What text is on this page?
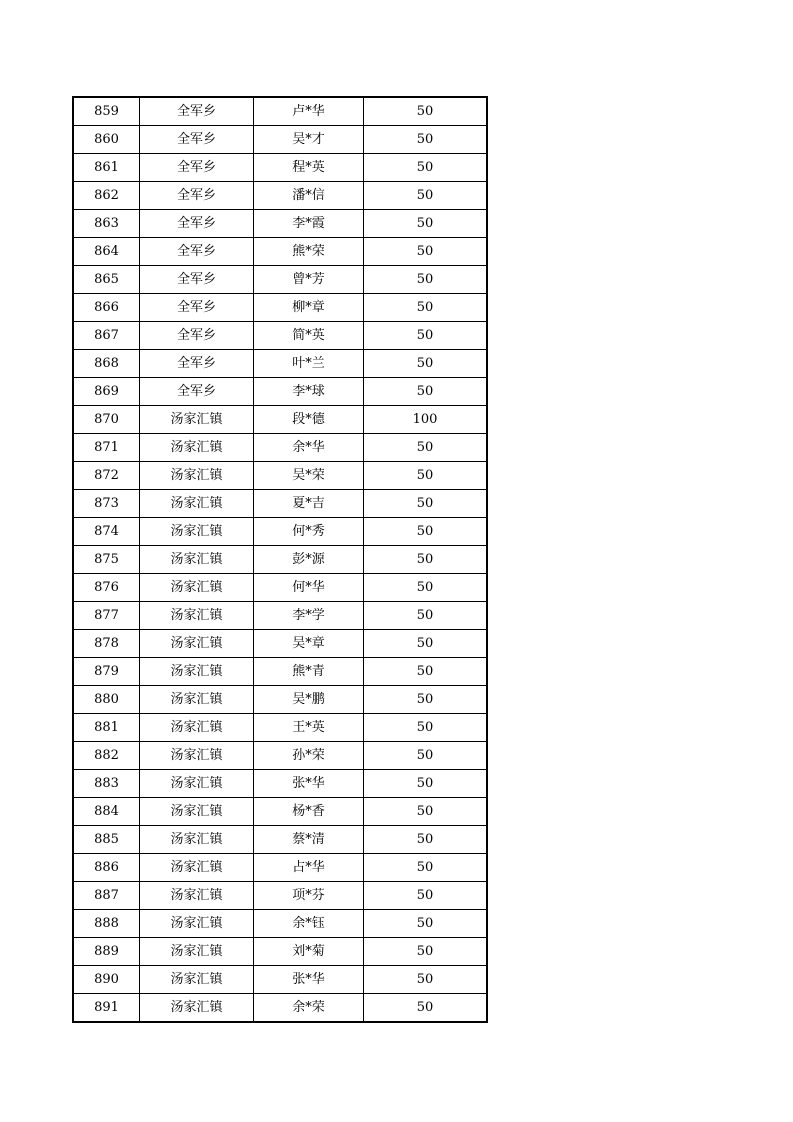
859	全军乡	卢*华	50
860	全军乡	吴*才	50
861	全军乡	程*英	50
862	全军乡	潘*信	50
863	全军乡	李*霞	50
864	全军乡	熊*荣	50
865	全军乡	曾*芳	50
866	全军乡	柳*章	50
867	全军乡	简*英	50
868	全军乡	叶*兰	50
869	全军乡	李*球	50
870	汤家汇镇	段*德	100
871	汤家汇镇	余*华	50
872	汤家汇镇	吴*荣	50
873	汤家汇镇	夏*吉	50
874	汤家汇镇	何*秀	50
875	汤家汇镇	彭*源	50
876	汤家汇镇	何*华	50
877	汤家汇镇	李*学	50
878	汤家汇镇	吴*章	50
879	汤家汇镇	熊*青	50
880	汤家汇镇	吴*鹏	50
881	汤家汇镇	王*英	50
882	汤家汇镇	孙*荣	50
883	汤家汇镇	张*华	50
884	汤家汇镇	杨*香	50
885	汤家汇镇	蔡*清	50
886	汤家汇镇	占*华	50
887	汤家汇镇	项*芬	50
888	汤家汇镇	余*钰	50
889	汤家汇镇	刘*菊	50
890	汤家汇镇	张*华	50
891	汤家汇镇	余*荣	50
